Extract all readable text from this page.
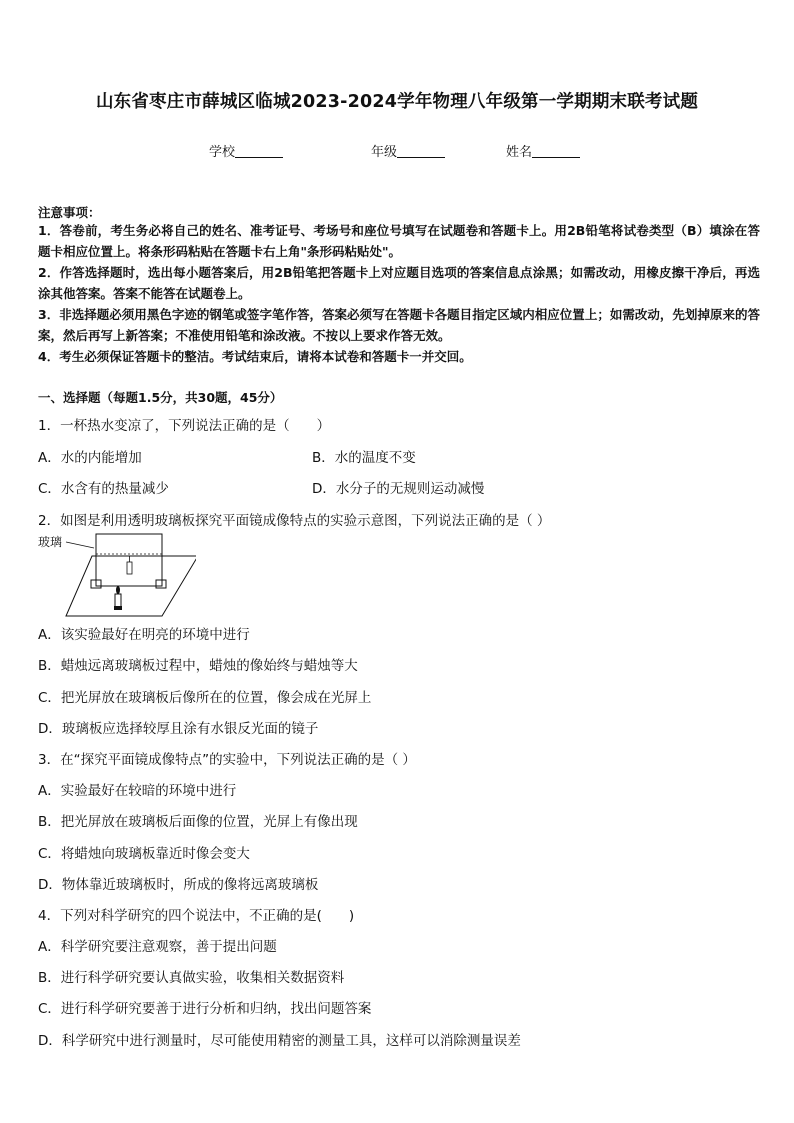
山东省枣庄市薛城区临城2023-2024学年物理八年级第一学期期末联考试题
学校	年级	姓名
注意事项：
1．答卷前，考生务必将自己的姓名、准考证号、考场号和座位号填写在试题卷和答题卡上。用2B铅笔将试卷类型（B）填涂在答题卡相应位置上。将条形码粘贴在答题卡右上角"条形码粘贴处"。
2．作答选择题时，选出每小题答案后，用2B铅笔把答题卡上对应题目选项的答案信息点涂黑；如需改动，用橡皮擦干净后，再选涂其他答案。答案不能答在试题卷上。
3．非选择题必须用黑色字迹的钢笔或签字笔作答，答案必须写在答题卡各题目指定区域内相应位置上；如需改动，先划掉原来的答案，然后再写上新答案；不准使用铅笔和涂改液。不按以上要求作答无效。
4．考生必须保证答题卡的整洁。考试结束后，请将本试卷和答题卡一并交回。
一、选择题（每题1.5分，共30题，45分）
1．一杯热水变凉了，下列说法正确的是（　　）
A．水的内能增加	B．水的温度不变
C．水含有的热量减少	D．水分子的无规则运动减慢
2．如图是利用透明玻璃板探究平面镜成像特点的实验示意图，下列说法正确的是（ ）
玻璃
A．该实验最好在明亮的环境中进行
B．蜡烛远离玻璃板过程中，蜡烛的像始终与蜡烛等大
C．把光屏放在玻璃板后像所在的位置，像会成在光屏上
D．玻璃板应选择较厚且涂有水银反光面的镜子
3．在“探究平面镜成像特点”的实验中，下列说法正确的是（ ）
A．实验最好在较暗的环境中进行
B．把光屏放在玻璃板后面像的位置，光屏上有像出现
C．将蜡烛向玻璃板靠近时像会变大
D．物体靠近玻璃板时，所成的像将远离玻璃板
4．下列对科学研究的四个说法中，不正确的是(　　)
A．科学研究要注意观察，善于提出问题
B．进行科学研究要认真做实验，收集相关数据资料
C．进行科学研究要善于进行分析和归纳，找出问题答案
D．科学研究中进行测量时，尽可能使用精密的测量工具，这样可以消除测量误差
